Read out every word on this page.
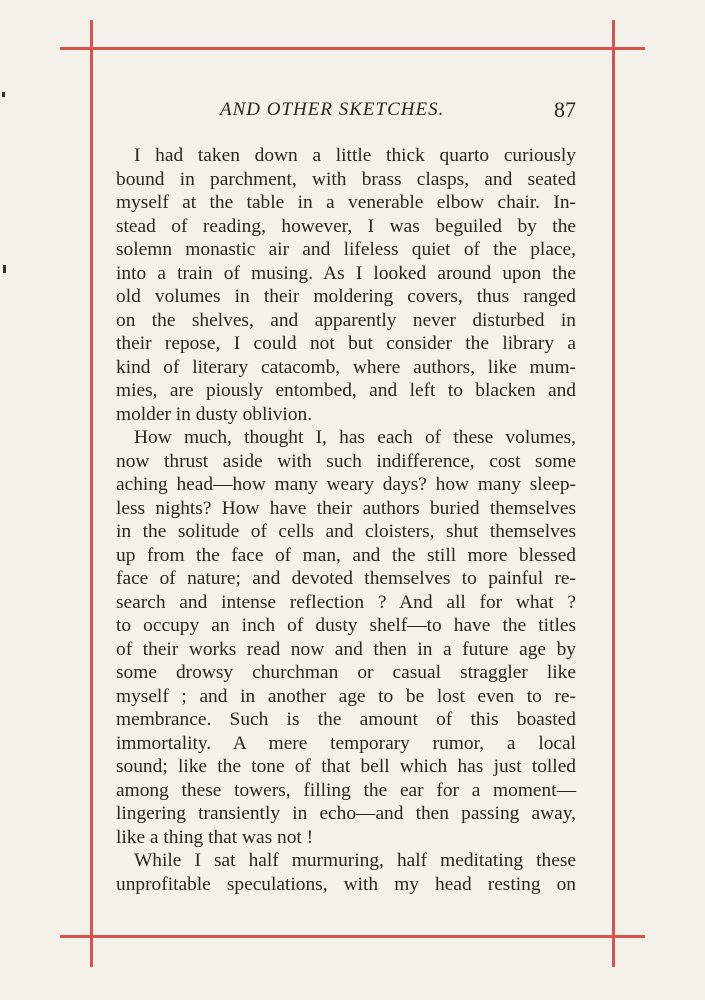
AND OTHER SKETCHES.	87
I had taken down a little thick quarto curiously
bound in parchment, with brass clasps, and seated
myself at the table in a venerable elbow chair. In-
stead of reading, however, I was beguiled by the
solemn monastic air and lifeless quiet of the place,
into a train of musing. As I looked around upon the
old volumes in their moldering covers, thus ranged
on the shelves, and apparently never disturbed in
their repose, I could not but consider the library a
kind of literary catacomb, where authors, like mum-
mies, are piously entombed, and left to blacken and
molder in dusty oblivion.
How much, thought I, has each of these volumes,
now thrust aside with such indifference, cost some
aching head—how many weary days? how many sleep-
less nights? How have their authors buried themselves
in the solitude of cells and cloisters, shut themselves
up from the face of man, and the still more blessed
face of nature; and devoted themselves to painful re-
search and intense reflection ? And all for what ?
to occupy an inch of dusty shelf—to have the titles
of their works read now and then in a future age by
some drowsy churchman or casual straggler like
myself ; and in another age to be lost even to re-
membrance. Such is the amount of this boasted
immortality. A mere temporary rumor, a local
sound; like the tone of that bell which has just tolled
among these towers, filling the ear for a moment—
lingering transiently in echo—and then passing away,
like a thing that was not !
While I sat half murmuring, half meditating these
unprofitable speculations, with my head resting on
